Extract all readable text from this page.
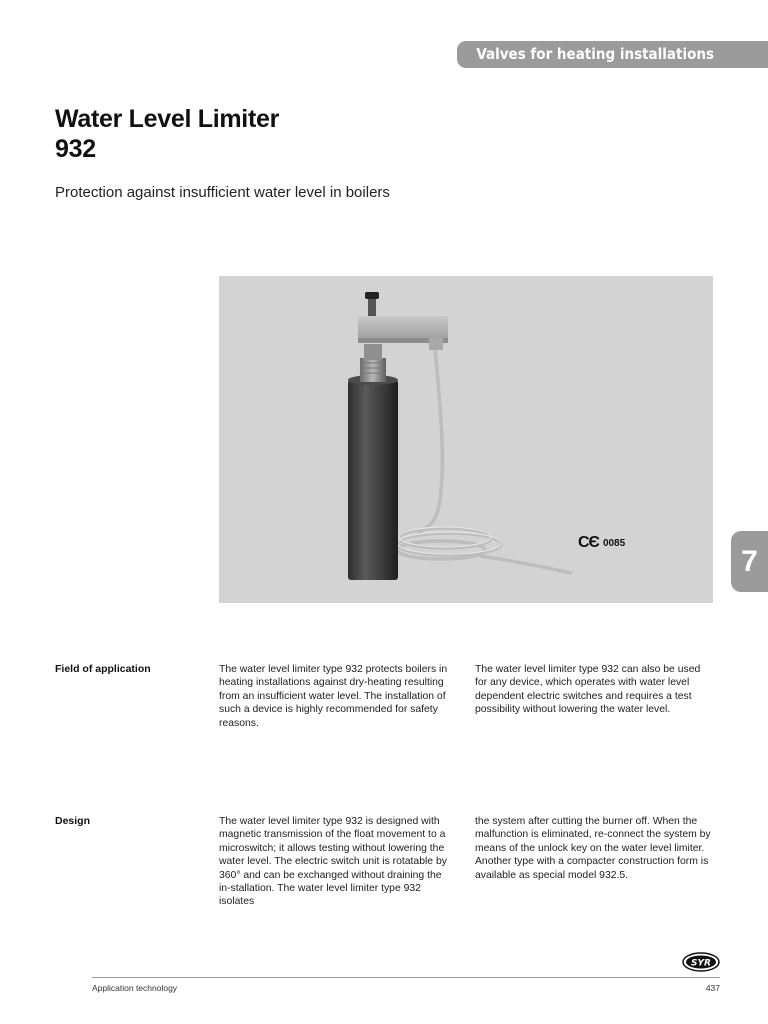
Valves for heating installations
Water Level Limiter
932

Protection against insufficient water level in boilers

C​Є 0085
7

Field of application	The water level limiter type 932 protects boilers in heating installations against dry-heating resulting from an insufficient water level. The installation of such a device is highly recommended for safety reasons.

The water level limiter type 932 can also be used for any device, which operates with water level dependent electric switches and requires a test possibility without lowering the water level.

Design	The water level limiter type 932 is designed with magnetic transmission of the float movement to a microswitch; it allows testing without lowering the water level. The electric switch unit is rotatable by 360° and can be exchanged without draining the in-stallation. The water level limiter type 932 isolates

the system after cutting the burner off. When the malfunction is eliminated, re-connect the system by means of the unlock key on the water level limiter. Another type with a compacter construction form is available as special model 932.5.

SYR
Application technology	437
